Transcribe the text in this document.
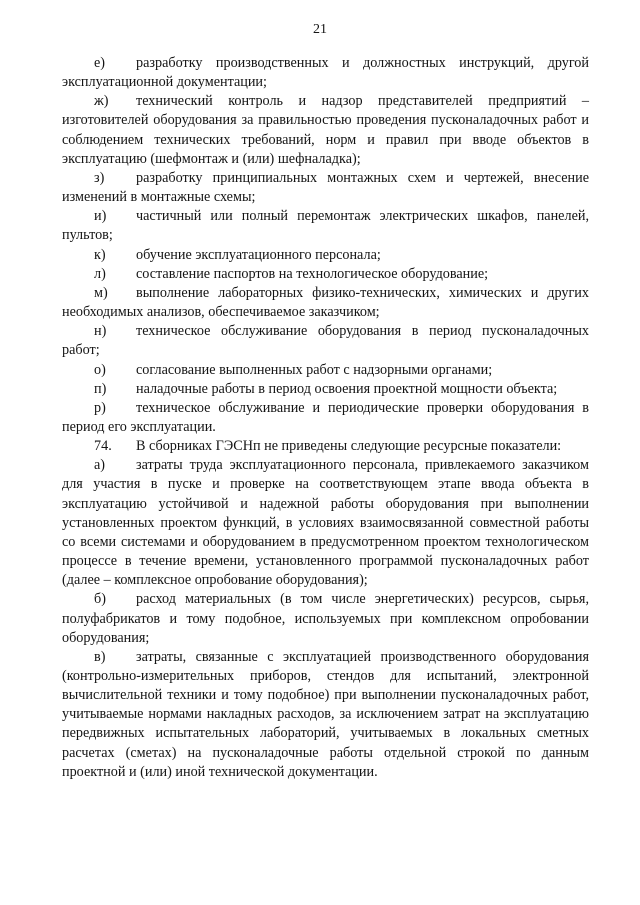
21

е) разработку производственных и должностных инструкций, другой эксплуатационной документации;

ж) технический контроль и надзор представителей предприятий – изготовителей оборудования за правильностью проведения пусконаладочных работ и соблюдением технических требований, норм и правил при вводе объектов в эксплуатацию (шефмонтаж и (или) шефналадка);

з) разработку принципиальных монтажных схем и чертежей, внесение изменений в монтажные схемы;

и) частичный или полный перемонтаж электрических шкафов, панелей, пультов;

к) обучение эксплуатационного персонала;

л) составление паспортов на технологическое оборудование;

м) выполнение лабораторных физико-технических, химических и других необходимых анализов, обеспечиваемое заказчиком;

н) техническое обслуживание оборудования в период пусконаладочных работ;

о) согласование выполненных работ с надзорными органами;

п) наладочные работы в период освоения проектной мощности объекта;

р) техническое обслуживание и периодические проверки оборудования в период его эксплуатации.

74. В сборниках ГЭСНп не приведены следующие ресурсные показатели:

а) затраты труда эксплуатационного персонала, привлекаемого заказчиком для участия в пуске и проверке на соответствующем этапе ввода объекта в эксплуатацию устойчивой и надежной работы оборудования при выполнении установленных проектом функций, в условиях взаимосвязанной совместной работы со всеми системами и оборудованием в предусмотренном проектом технологическом процессе в течение времени, установленного программой пусконаладочных работ (далее – комплексное опробование оборудования);

б) расход материальных (в том числе энергетических) ресурсов, сырья, полуфабрикатов и тому подобное, используемых при комплексном опробовании оборудования;

в) затраты, связанные с эксплуатацией производственного оборудования (контрольно-измерительных приборов, стендов для испытаний, электронной вычислительной техники и тому подобное) при выполнении пусконаладочных работ, учитываемые нормами накладных расходов, за исключением затрат на эксплуатацию передвижных испытательных лабораторий, учитываемых в локальных сметных расчетах (сметах) на пусконаладочные работы отдельной строкой по данным проектной и (или) иной технической документации.
